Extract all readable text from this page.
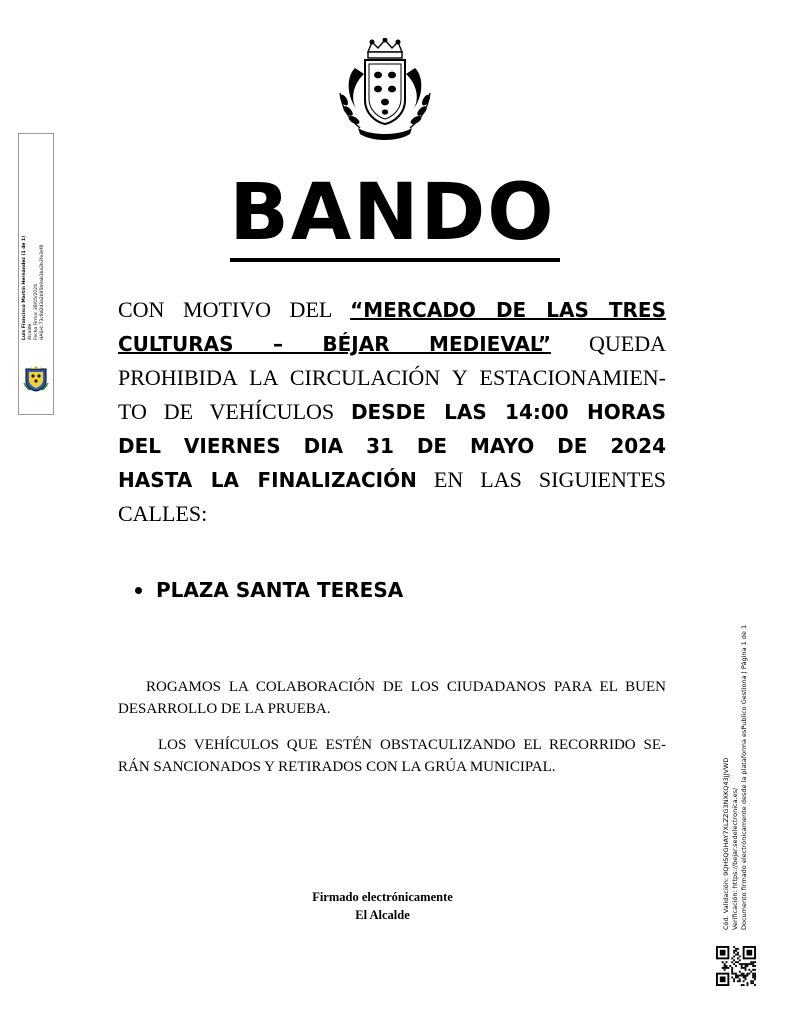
BANDO
CON MOTIVO DEL “MERCADO DE LAS TRES
CULTURAS – BÉJAR MEDIEVAL” QUEDA
PROHIBIDA LA CIRCULACIÓN Y ESTACIONAMIEN-
TO DE VEHÍCULOS DESDE LAS 14:00 HORAS
DEL VIERNES DIA 31 DE MAYO DE 2024
HASTA LA FINALIZACIÓN EN LAS SIGUIENTES
CALLES:
PLAZA SANTA TERESA

ROGAMOS LA COLABORACIÓN DE LOS CIUDADANOS PARA EL BUEN
DESARROLLO DE LA PRUEBA.

LOS VEHÍCULOS QUE ESTÉN OBSTACULIZANDO EL RECORRIDO SE-
RÁN SANCIONADOS Y RETIRADOS CON LA GRÚA MUNICIPAL.

Firmado electrónicamente
El Alcalde
Luis Francisco Martín Hernández (1 de 1) Alcalde Fecha Firma: 28/05/2024 HASH: 73c8d2d3a2b95b9ab3ba2b3fe3ef8
Cód. Validación: 9QH5QGHAY7XLZZG3NXKQ43JJVWD Verificación: https://bejar.sedelectronica.es/ Documento firmado electrónicamente desde la plataforma esPublico Gestiona | Página 1 de 1
